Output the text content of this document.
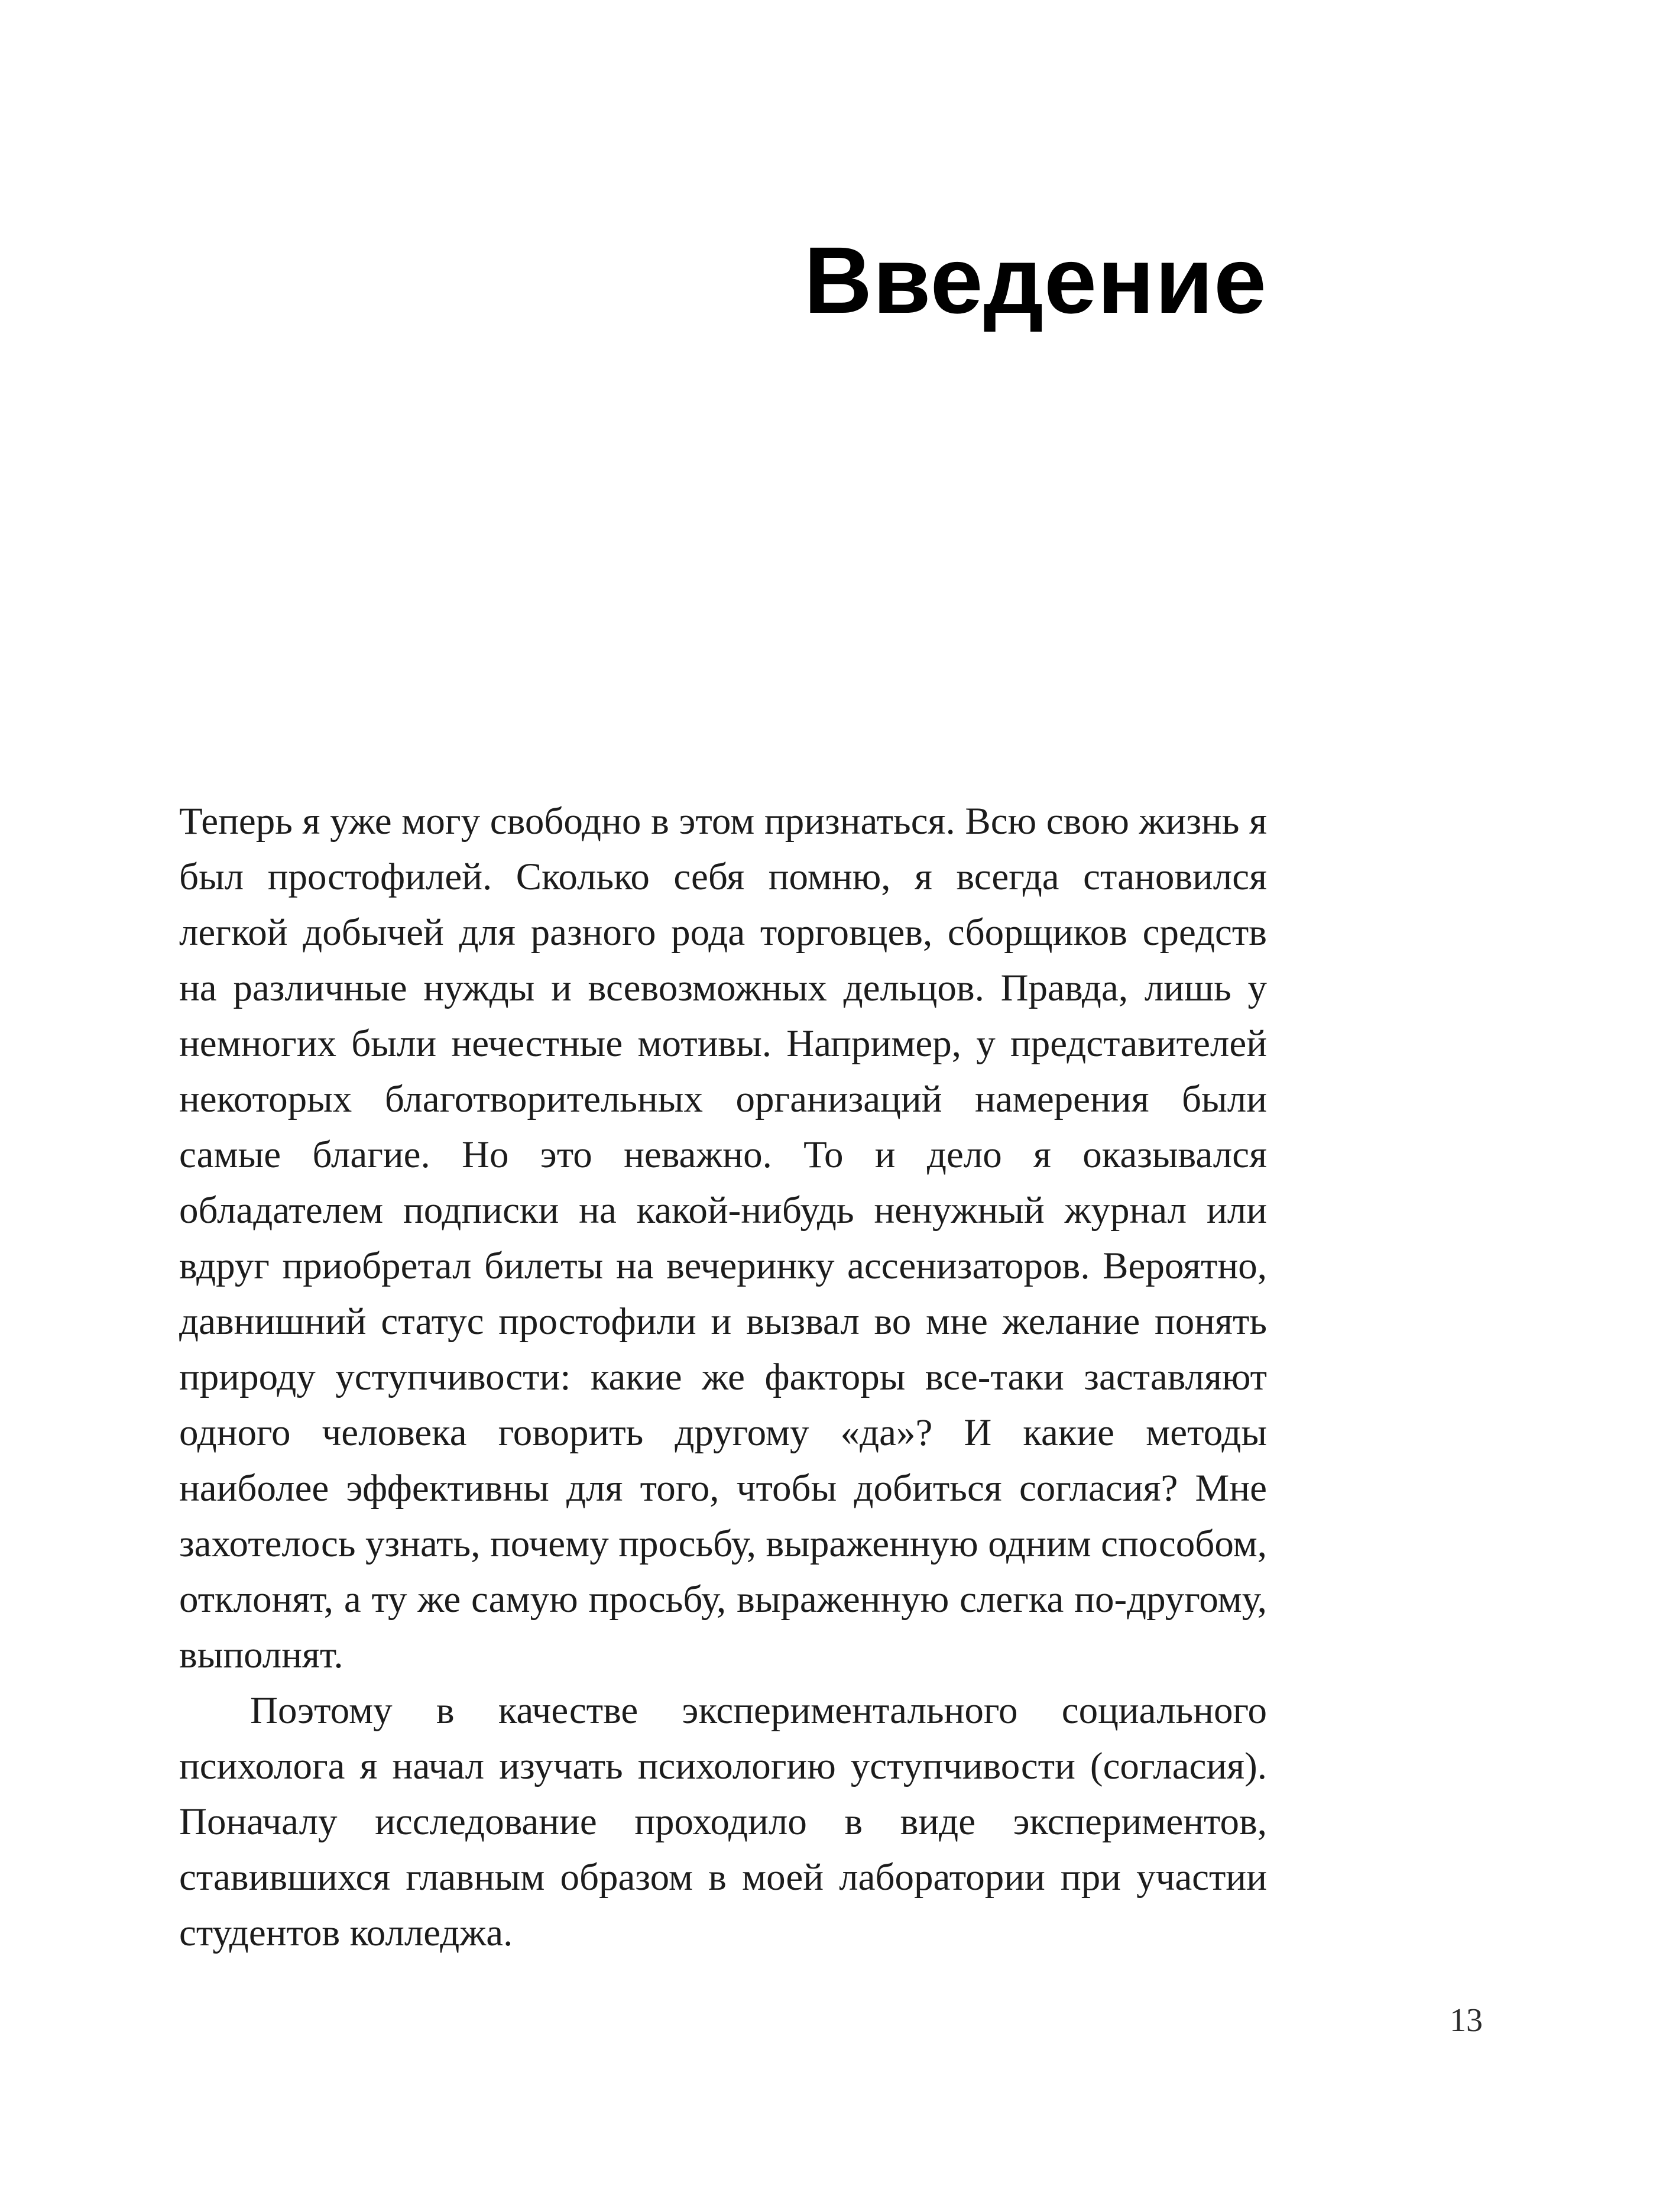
Введение

Теперь я уже могу свободно в этом признаться. Всю свою жизнь я был простофилей. Сколько себя помню, я всегда становился легкой добычей для разного рода торговцев, сборщиков средств на различные нужды и всевозможных дельцов. Правда, лишь у немногих были нечестные мотивы. Например, у представителей некоторых благотворительных организаций намерения были самые благие. Но это неважно. То и дело я оказывался обладателем подписки на какой-нибудь ненужный журнал или вдруг приобретал билеты на вечеринку ассенизаторов. Вероятно, давнишний статус простофили и вызвал во мне желание понять природу уступчивости: какие же факторы все-таки заставляют одного человека говорить другому «да»? И какие методы наиболее эффективны для того, чтобы добиться согласия? Мне захотелось узнать, почему просьбу, выраженную одним способом, отклонят, а ту же самую просьбу, выраженную слегка по-другому, выполнят.

Поэтому в качестве экспериментального социального психолога я начал изучать психологию уступчивости (согласия). Поначалу исследование проходило в виде экспериментов, ставившихся главным образом в моей лаборатории при участии студентов колледжа.

13
